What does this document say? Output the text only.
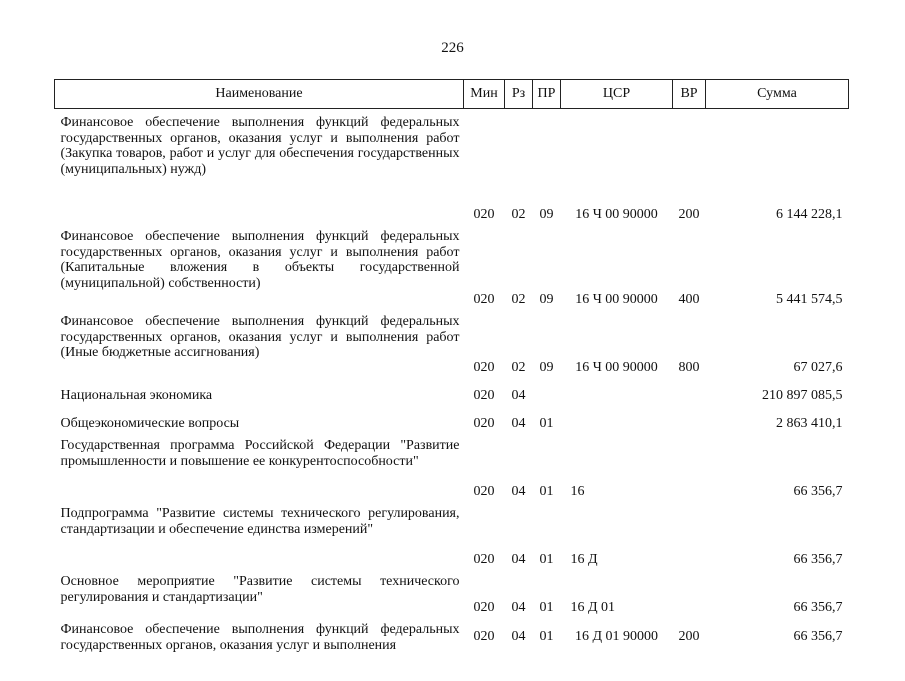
226
Наименование	Мин	Рз	ПР	ЦСР	ВР	Сумма

Финансовое обеспечение выполнения функций федеральных государственных органов, оказания услуг и выполнения работ (Закупка товаров, работ и услуг для обеспечения государственных (муниципальных) нужд)	020	02	09	16 Ч 00 90000	200	6 144 228,1

Финансовое обеспечение выполнения функций федеральных государственных органов, оказания услуг и выполнения работ (Капитальные вложения в объекты государственной (муниципальной) собственности)	020	02	09	16 Ч 00 90000	400	5 441 574,5

Финансовое обеспечение выполнения функций федеральных государственных органов, оказания услуг и выполнения работ (Иные бюджетные ассигнования)	020	02	09	16 Ч 00 90000	800	67 027,6

Национальная экономика	020	04				210 897 085,5

Общеэкономические вопросы	020	04	01			2 863 410,1

Государственная программа Российской Федерации "Развитие промышленности и повышение ее конкурентоспособности"	020	04	01	16		66 356,7

Подпрограмма "Развитие системы технического регулирования, стандартизации и обеспечение единства измерений"	020	04	01	16 Д		66 356,7

Основное мероприятие "Развитие системы технического регулирования и стандартизации"	020	04	01	16 Д 01		66 356,7

Финансовое обеспечение выполнения функций федеральных государственных органов, оказания услуг и выполнения	020	04	01	16 Д 01 90000	200	66 356,7
